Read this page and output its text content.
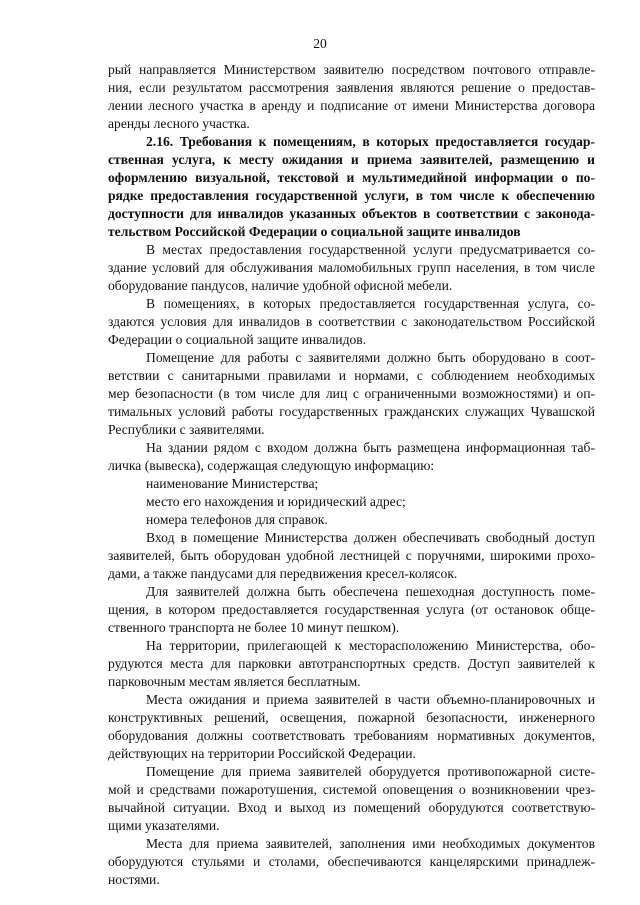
20
рый направляется Министерством заявителю посредством почтового отправле-
ния, если результатом рассмотрения заявления являются решение о предостав-
лении лесного участка в аренду и подписание от имени Министерства договора
аренды лесного участка.
2.16. Требования к помещениям, в которых предоставляется государ-
ственная услуга, к месту ожидания и приема заявителей, размещению и
оформлению визуальной, текстовой и мультимедийной информации о по-
рядке предоставления государственной услуги, в том числе к обеспечению
доступности для инвалидов указанных объектов в соответствии с законода-
тельством Российской Федерации о социальной защите инвалидов
В местах предоставления государственной услуги предусматривается со-
здание условий для обслуживания маломобильных групп населения, в том числе
оборудование пандусов, наличие удобной офисной мебели.
В помещениях, в которых предоставляется государственная услуга, со-
здаются условия для инвалидов в соответствии с законодательством Российской
Федерации о социальной защите инвалидов.
Помещение для работы с заявителями должно быть оборудовано в соот-
ветствии с санитарными правилами и нормами, с соблюдением необходимых
мер безопасности (в том числе для лиц с ограниченными возможностями) и оп-
тимальных условий работы государственных гражданских служащих Чувашской
Республики с заявителями.
На здании рядом с входом должна быть размещена информационная таб-
личка (вывеска), содержащая следующую информацию:
наименование Министерства;
место его нахождения и юридический адрес;
номера телефонов для справок.
Вход в помещение Министерства должен обеспечивать свободный доступ
заявителей, быть оборудован удобной лестницей с поручнями, широкими прохо-
дами, а также пандусами для передвижения кресел-колясок.
Для заявителей должна быть обеспечена пешеходная доступность поме-
щения, в котором предоставляется государственная услуга (от остановок обще-
ственного транспорта не более 10 минут пешком).
На территории, прилегающей к месторасположению Министерства, обо-
рудуются места для парковки автотранспортных средств. Доступ заявителей к
парковочным местам является бесплатным.
Места ожидания и приема заявителей в части объемно-планировочных и
конструктивных решений, освещения, пожарной безопасности, инженерного
оборудования должны соответствовать требованиям нормативных документов,
действующих на территории Российской Федерации.
Помещение для приема заявителей оборудуется противопожарной систе-
мой и средствами пожаротушения, системой оповещения о возникновении чрез-
вычайной ситуации. Вход и выход из помещений оборудуются соответствую-
щими указателями.
Места для приема заявителей, заполнения ими необходимых документов
оборудуются стульями и столами, обеспечиваются канцелярскими принадлеж-
ностями.
